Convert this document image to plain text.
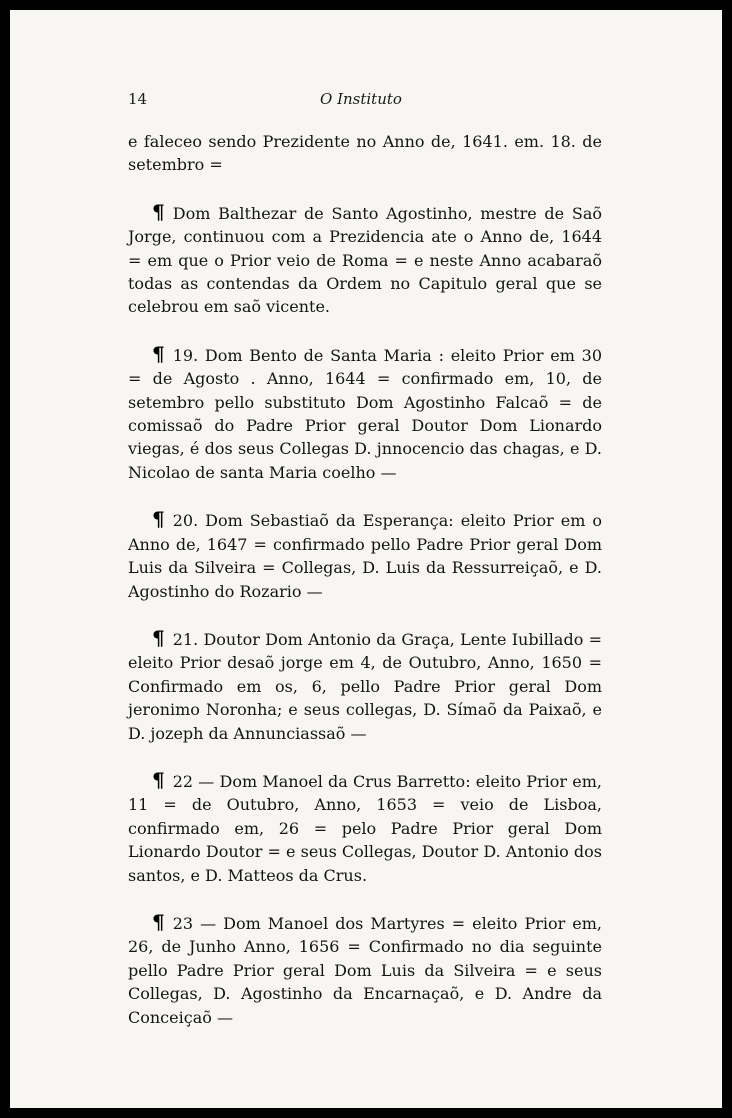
14	O Instituto

e faleceo sendo Prezidente no Anno de, 1641. em. 18. de setembro =

¶ Dom Balthezar de Santo Agostinho, mestre de Saõ Jorge, continuou com a Prezidencia ate o Anno de, 1644 = em que o Prior veio de Roma = e neste Anno acabaraõ todas as contendas da Ordem no Capitulo geral que se celebrou em saõ vicente.

¶ 19. Dom Bento de Santa Maria : eleito Prior em 30 = de Agosto . Anno, 1644 = confirmado em, 10, de setembro pello substituto Dom Agostinho Falcaõ = de comissaõ do Padre Prior geral Doutor Dom Lionardo viegas, é dos seus Collegas D. jnnocencio das chagas, e D. Nicolao de santa Maria coelho —

¶ 20. Dom Sebastiaõ da Esperança: eleito Prior em o Anno de, 1647 = confirmado pello Padre Prior geral Dom Luis da Silveira = Collegas, D. Luis da Ressurreiçaõ, e D. Agostinho do Rozario —

¶ 21. Doutor Dom Antonio da Graça, Lente Iubillado = eleito Prior desaõ jorge em 4, de Outubro, Anno, 1650 = Confirmado em os, 6, pello Padre Prior geral Dom jeronimo Noronha; e seus collegas, D. Símaõ da Paixaõ, e D. jozeph da Annunciassaõ —

¶ 22 — Dom Manoel da Crus Barretto: eleito Prior em, 11 = de Outubro, Anno, 1653 = veio de Lisboa, confirmado em, 26 = pelo Padre Prior geral Dom Lionardo Doutor = e seus Collegas, Doutor D. Antonio dos santos, e D. Matteos da Crus.

¶ 23 — Dom Manoel dos Martyres = eleito Prior em, 26, de Junho Anno, 1656 = Confirmado no dia seguinte pello Padre Prior geral Dom Luis da Silveira = e seus Collegas, D. Agostinho da Encarnaçaõ, e D. Andre da Conceiçaõ —
